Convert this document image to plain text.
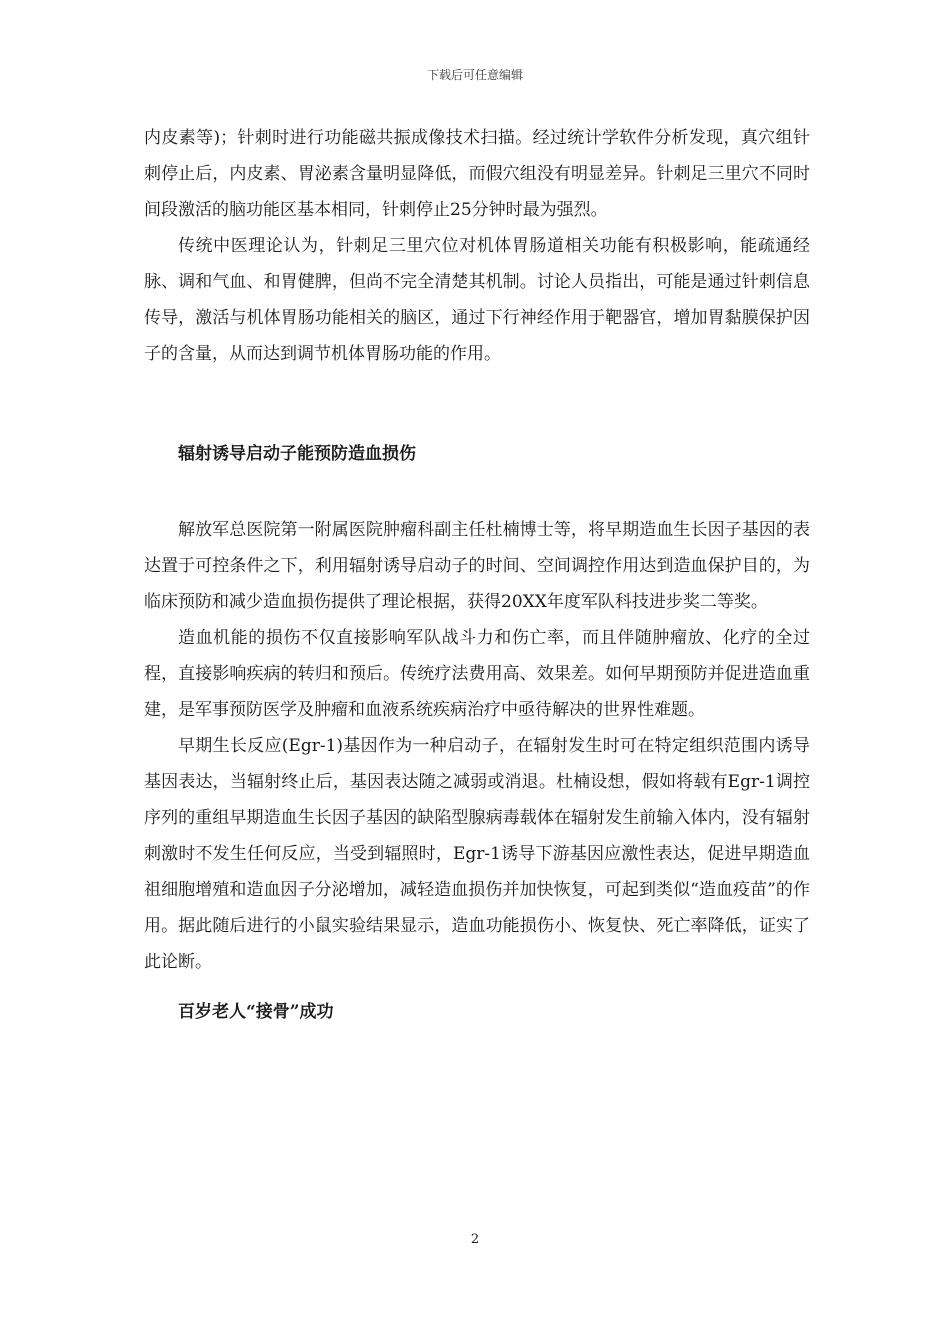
下载后可任意编辑

内皮素等)；针刺时进行功能磁共振成像技术扫描。经过统计学软件分析发现，真穴组针刺停止后，内皮素、胃泌素含量明显降低，而假穴组没有明显差异。针刺足三里穴不同时间段激活的脑功能区基本相同，针刺停止25分钟时最为强烈。

传统中医理论认为，针刺足三里穴位对机体胃肠道相关功能有积极影响，能疏通经脉、调和气血、和胃健脾，但尚不完全清楚其机制。讨论人员指出，可能是通过针刺信息传导，激活与机体胃肠功能相关的脑区，通过下行神经作用于靶器官，增加胃黏膜保护因子的含量，从而达到调节机体胃肠功能的作用。

辐射诱导启动子能预防造血损伤

解放军总医院第一附属医院肿瘤科副主任杜楠博士等，将早期造血生长因子基因的表达置于可控条件之下，利用辐射诱导启动子的时间、空间调控作用达到造血保护目的，为临床预防和减少造血损伤提供了理论根据，获得20XX年度军队科技进步奖二等奖。

造血机能的损伤不仅直接影响军队战斗力和伤亡率，而且伴随肿瘤放、化疗的全过程，直接影响疾病的转归和预后。传统疗法费用高、效果差。如何早期预防并促进造血重建，是军事预防医学及肿瘤和血液系统疾病治疗中亟待解决的世界性难题。

早期生长反应(Egr-1)基因作为一种启动子，在辐射发生时可在特定组织范围内诱导基因表达，当辐射终止后，基因表达随之减弱或消退。杜楠设想，假如将载有Egr-1调控序列的重组早期造血生长因子基因的缺陷型腺病毒载体在辐射发生前输入体内，没有辐射刺激时不发生任何反应，当受到辐照时，Egr-1诱导下游基因应激性表达，促进早期造血祖细胞增殖和造血因子分泌增加，减轻造血损伤并加快恢复，可起到类似“造血疫苗”的作用。据此随后进行的小鼠实验结果显示，造血功能损伤小、恢复快、死亡率降低，证实了此论断。

百岁老人“接骨”成功
2
